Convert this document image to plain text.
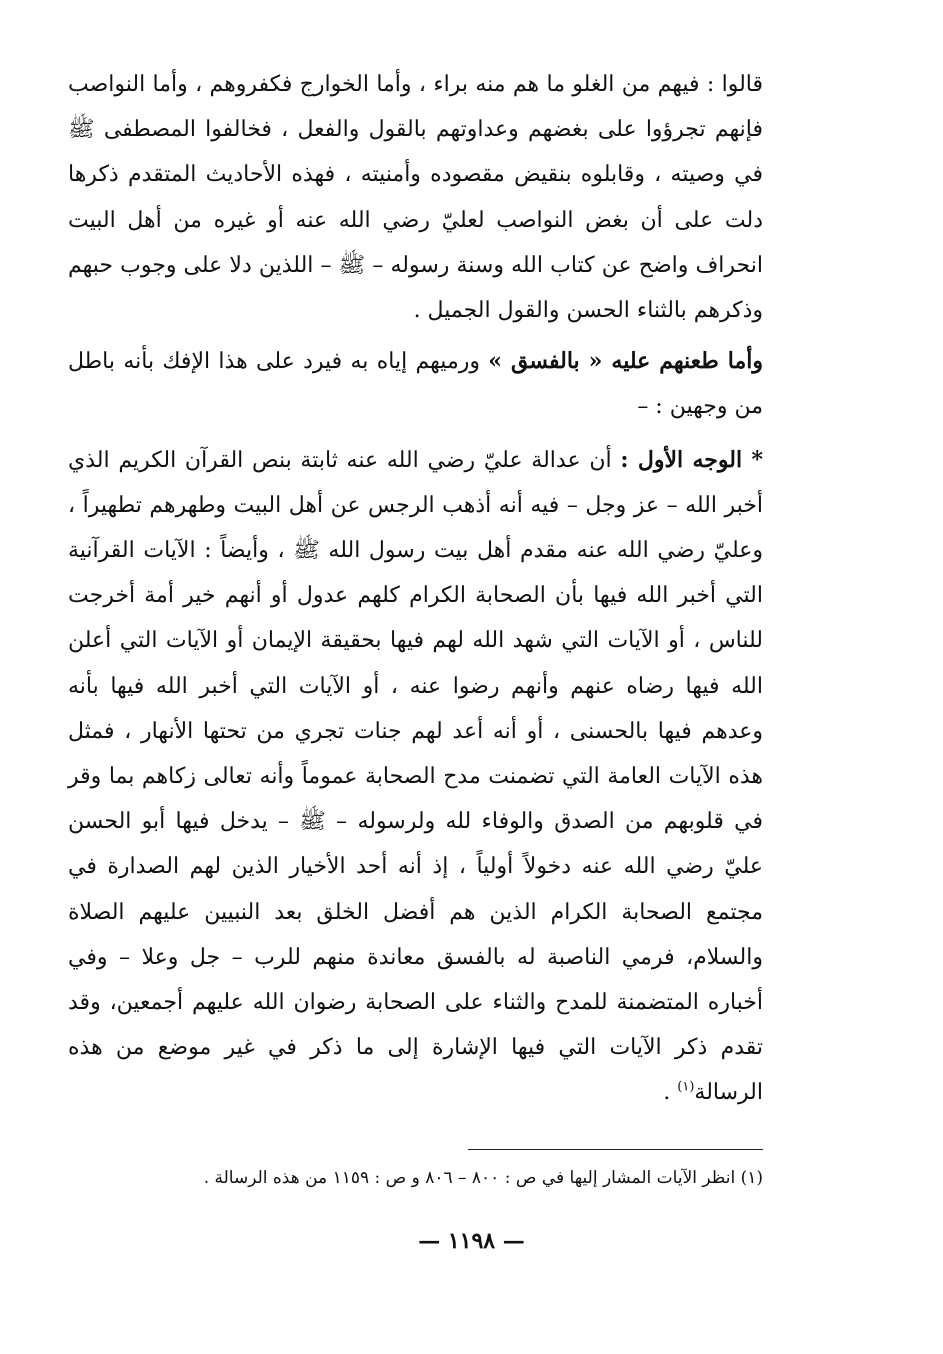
قالوا : فيهم من الغلو ما هم منه براء ، وأما الخوارج فكفروهم ، وأما النواصب فإنهم تجرؤوا على بغضهم وعداوتهم بالقول والفعل ، فخالفوا المصطفى ﷺ في وصيته ، وقابلوه بنقيض مقصوده وأمنيته ، فهذه الأحاديث المتقدم ذكرها دلت على أن بغض النواصب لعليّ رضي الله عنه أو غيره من أهل البيت انحراف واضح عن كتاب الله وسنة رسوله – ﷺ – اللذين دلا على وجوب حبهم وذكرهم بالثناء الحسن والقول الجميل .

وأما طعنهم عليه « بالفسق » ورميهم إياه به فيرد على هذا الإفك بأنه باطل من وجهين : –

* الوجه الأول : أن عدالة عليّ رضي الله عنه ثابتة بنص القرآن الكريم الذي أخبر الله – عز وجل – فيه أنه أذهب الرجس عن أهل البيت وطهرهم تطهيراً ، وعليّ رضي الله عنه مقدم أهل بيت رسول الله ﷺ ، وأيضاً : الآيات القرآنية التي أخبر الله فيها بأن الصحابة الكرام كلهم عدول أو أنهم خير أمة أخرجت للناس ، أو الآيات التي شهد الله لهم فيها بحقيقة الإيمان أو الآيات التي أعلن الله فيها رضاه عنهم وأنهم رضوا عنه ، أو الآيات التي أخبر الله فيها بأنه وعدهم فيها بالحسنى ، أو أنه أعد لهم جنات تجري من تحتها الأنهار ، فمثل هذه الآيات العامة التي تضمنت مدح الصحابة عموماً وأنه تعالى زكاهم بما وقر في قلوبهم من الصدق والوفاء لله ولرسوله – ﷺ – يدخل فيها أبو الحسن عليّ رضي الله عنه دخولاً أولياً ، إذ أنه أحد الأخيار الذين لهم الصدارة في مجتمع الصحابة الكرام الذين هم أفضل الخلق بعد النبيين عليهم الصلاة والسلام، فرمي الناصبة له بالفسق معاندة منهم للرب – جل وعلا – وفي أخباره المتضمنة للمدح والثناء على الصحابة رضوان الله عليهم أجمعين، وقد تقدم ذكر الآيات التي فيها الإشارة إلى ما ذكر في غير موضع من هذه الرسالة$^{(١)}$ .

(١) انظر الآيات المشار إليها في ص : ٨٠٠ – ٨٠٦ و ص : ١١٥٩ من هذه الرسالة .
— ١١٩٨ —
